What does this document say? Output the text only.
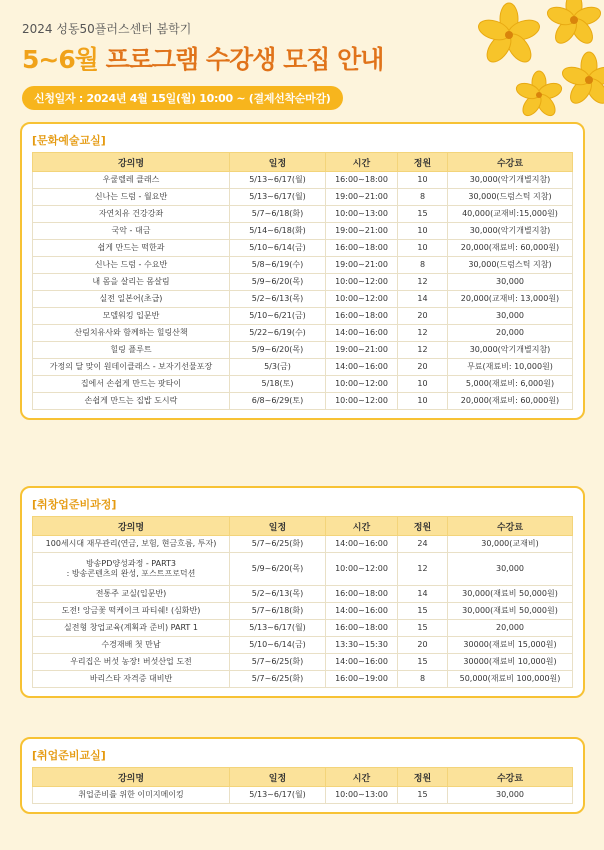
2024 성동50플러스센터 봄학기
5~6월 프로그램 수강생 모집 안내
신청일자 : 2024년 4월 15일(월) 10:00 ~ (결제선착순마감)
[문화예술교실]
강의명	일정	시간	정원	수강료
우쿨렐레 클래스	5/13~6/17(월)	16:00~18:00	10	30,000(악기개별지참)
신나는 드럼 - 월요반	5/13~6/17(월)	19:00~21:00	8	30,000(드럼스틱 지참)
자연치유 건강강좌	5/7~6/18(화)	10:00~13:00	15	40,000(교재비:15,000원)
국악 - 대금	5/14~6/18(화)	19:00~21:00	10	30,000(악기개별지참)
쉽게 만드는 떡한과	5/10~6/14(금)	16:00~18:00	10	20,000(재료비: 60,000원)
신나는 드럼 - 수요반	5/8~6/19(수)	19:00~21:00	8	30,000(드럼스틱 지참)
내 몸을 살리는 몸살림	5/9~6/20(목)	10:00~12:00	12	30,000
실전 일본어(초급)	5/2~6/13(목)	10:00~12:00	14	20,000(교재비: 13,000원)
모델워킹 입문반	5/10~6/21(금)	16:00~18:00	20	30,000
산림치유사와 함께하는 힐링산책	5/22~6/19(수)	14:00~16:00	12	20,000
힐링 플루트	5/9~6/20(목)	19:00~21:00	12	30,000(악기개별지참)
가정의 달 맞이 원데이클래스 - 보자기선물포장	5/3(금)	14:00~16:00	20	무료(재료비: 10,000원)
집에서 손쉽게 만드는 팟타이	5/18(토)	10:00~12:00	10	5,000(재료비: 6,000원)
손쉽게 만드는 집밥 도시락	6/8~6/29(토)	10:00~12:00	10	20,000(재료비: 60,000원)
[취창업준비과정]
강의명	일정	시간	정원	수강료
100세시대 재무관리(연금, 보험, 현금흐름, 투자)	5/7~6/25(화)	14:00~16:00	24	30,000(교재비)
방송PD양성과정 - PART3
: 방송콘텐츠의 완성, 포스트프로덕션	5/9~6/20(목)	10:00~12:00	12	30,000
전통주 교실(입문반)	5/2~6/13(목)	16:00~18:00	14	30,000(재료비 50,000원)
도전! 앙금꽃 떡케이크 파티쉐! (심화반)	5/7~6/18(화)	14:00~16:00	15	30,000(재료비 50,000원)
실전형 창업교육(계획과 준비) PART 1	5/13~6/17(월)	16:00~18:00	15	20,000
수경재배 첫 만남	5/10~6/14(금)	13:30~15:30	20	30000(재료비 15,000원)
우리집은 버섯 농장! 버섯산업 도전	5/7~6/25(화)	14:00~16:00	15	30000(재료비 10,000원)
바리스타 자격증 대비반	5/7~6/25(화)	16:00~19:00	8	50,000(재료비 100,000원)
[취업준비교실]
강의명	일정	시간	정원	수강료
취업준비를 위한 이미지메이킹	5/13~6/17(월)	10:00~13:00	15	30,000
